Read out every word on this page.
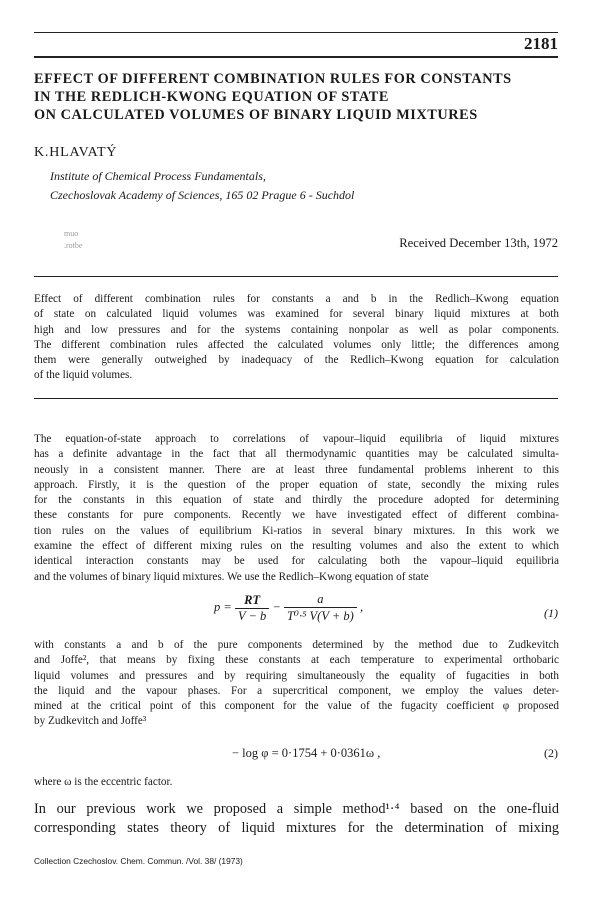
2181
EFFECT OF DIFFERENT COMBINATION RULES FOR CONSTANTS
IN THE REDLICH-KWONG EQUATION OF STATE
ON CALCULATED VOLUMES OF BINARY LIQUID MIXTURES
K.HLAVATÝ
Institute of Chemical Process Fundamentals,
Czechoslovak Academy of Sciences, 165 02 Prague 6 - Suchdol
muo
.rotbe	Received December 13th, 1972
Effect of different combination rules for constants a and b in the Redlich–Kwong equation
of state on calculated liquid volumes was examined for several binary liquid mixtures at both
high and low pressures and for the systems containing nonpolar as well as polar components.
The different combination rules affected the calculated volumes only little; the differences among
them were generally outweighed by inadequacy of the Redlich–Kwong equation for calculation
of the liquid volumes.
The equation-of-state approach to correlations of vapour–liquid equilibria of liquid mixtures
has a definite advantage in the fact that all thermodynamic quantities may be calculated simulta-
neously in a consistent manner. There are at least three fundamental problems inherent to this
approach. Firstly, it is the question of the proper equation of state, secondly the mixing rules
for the constants in this equation of state and thirdly the procedure adopted for determining
these constants for pure components. Recently we have investigated effect of different combina-
tion rules on the values of equilibrium Ki-ratios in several binary mixtures. In this work we
examine the effect of different mixing rules on the resulting volumes and also the extent to which
identical interaction constants may be used for calculating both the vapour–liquid equilibria
and the volumes of binary liquid mixtures. We use the Redlich–Kwong equation of state
$p = \frac{RT}{V - b} - \frac{a}{\text{T⁰·⁵ V(V + b)}}$ ,	(1)
with constants a and b of the pure components determined by the method due to Zudkevitch
and Joffe², that means by fixing these constants at each temperature to experimental orthobaric
liquid volumes and pressures and by requiring simultaneously the equality of fugacities in both
the liquid and the vapour phases. For a supercritical component, we employ the values deter-
mined at the critical point of this component for the value of the fugacity coefficient φ proposed
by Zudkevitch and Joffe³
− log φ = 0·1754 + 0·0361ω ,	(2)
where ω is the eccentric factor.
In our previous work we proposed a simple method¹·⁴ based on the one-fluid
corresponding states theory of liquid mixtures for the determination of mixing
Collection Czechoslov. Chem. Commun. /Vol. 38/ (1973)
